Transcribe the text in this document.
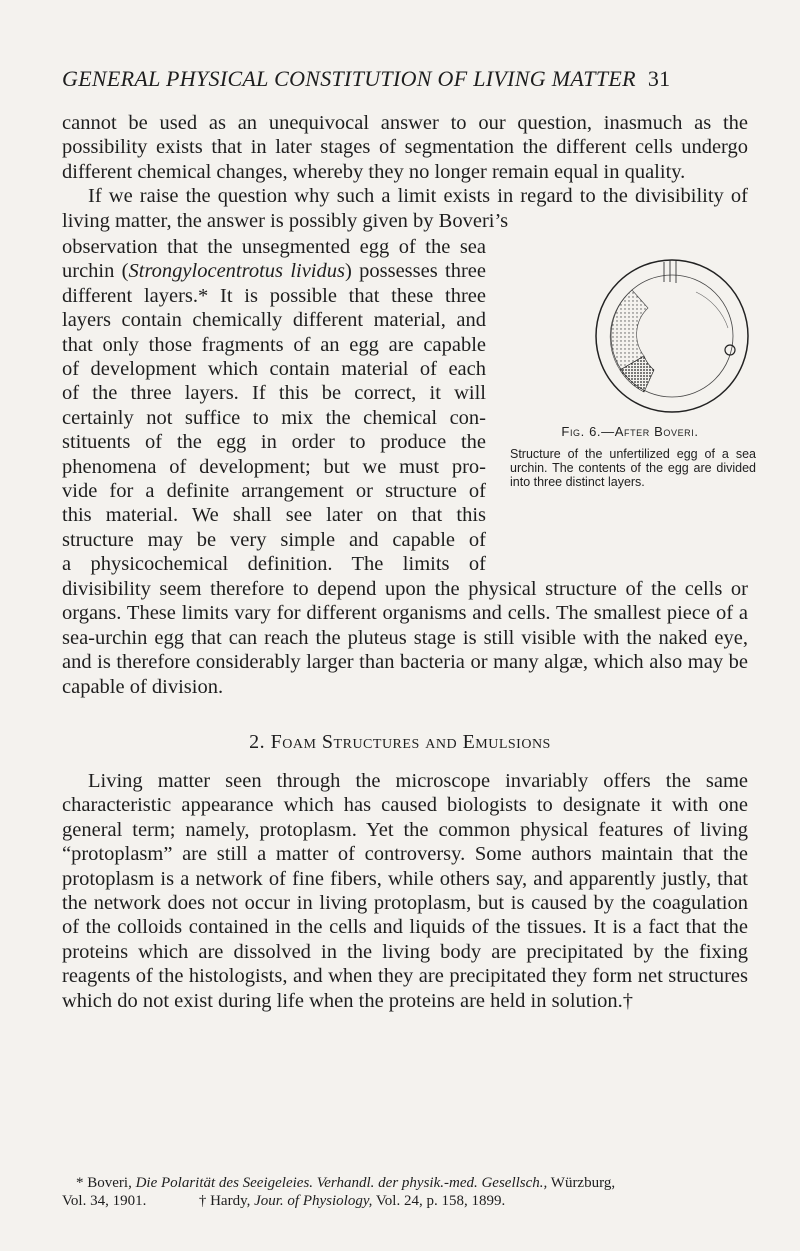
GENERAL PHYSICAL CONSTITUTION OF LIVING MATTER 31

cannot be used as an unequivocal answer to our question, inasmuch as the possibility exists that in later stages of segmentation the different cells undergo different chemical changes, whereby they no longer remain equal in quality.

If we raise the question why such a limit exists in regard to the divisibility of living matter, the answer is possibly given by Boveri’s

observation that the unsegmented egg of the sea
urchin (Strongylocentrotus lividus) possesses three
different layers.* It is possible that these three
layers contain chemically different material, and
that only those fragments of an egg are capable
of development which contain material of each
of the three layers. If this be correct, it will
certainly not suffice to mix the chemical con-
stituents of the egg in order to produce the
phenomena of development; but we must pro-
vide for a definite arrangement or structure of
this material. We shall see later on that this
structure may be very simple and capable of
a physicochemical definition. The limits of

divisibility seem therefore to depend upon the physical structure of the cells or organs. These limits vary for different organisms and cells. The smallest piece of a sea-urchin egg that can reach the pluteus stage is still visible with the naked eye, and is therefore considerably larger than bacteria or many algæ, which also may be capable of division.

Fig. 6.—After Boveri.
Structure of the unfertilized egg of a sea urchin. The contents of the egg are divided into three distinct layers.
2. Foam Structures and Emulsions

Living matter seen through the microscope invariably offers the same characteristic appearance which has caused biologists to designate it with one general term; namely, protoplasm. Yet the common physical features of living “protoplasm” are still a matter of controversy. Some authors maintain that the protoplasm is a network of fine fibers, while others say, and apparently justly, that the network does not occur in living protoplasm, but is caused by the coagulation of the colloids contained in the cells and liquids of the tissues. It is a fact that the proteins which are dissolved in the living body are precipitated by the fixing reagents of the histologists, and when they are precipitated they form net structures which do not exist during life when the proteins are held in solution.†

* Boveri, Die Polarität des Seeigeleies. Verhandl. der physik.-med. Gesellsch., Würzburg,

Vol. 34, 1901.	† Hardy, Jour. of Physiology, Vol. 24, p. 158, 1899.
